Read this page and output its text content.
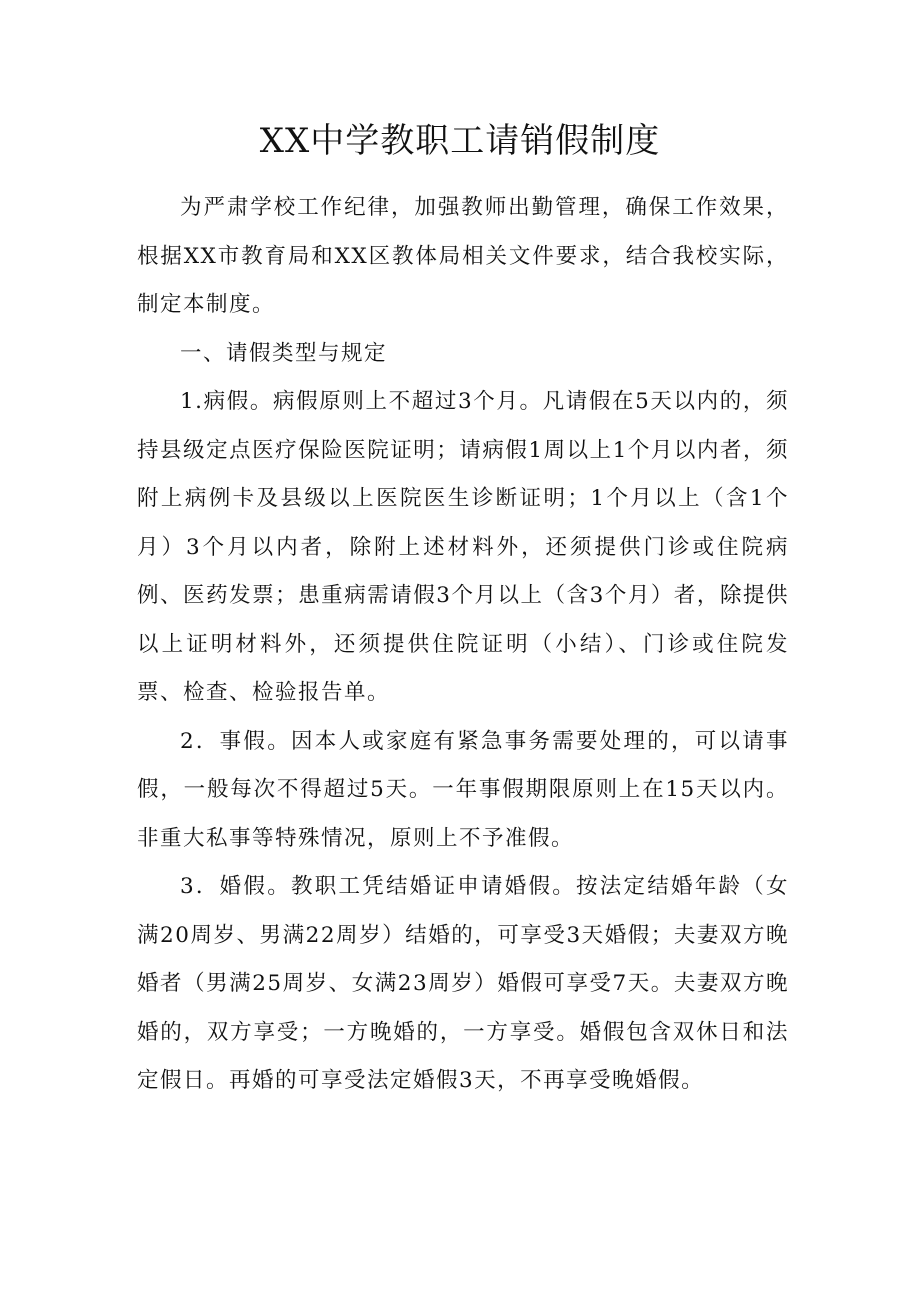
XX中学教职工请销假制度

为严肃学校工作纪律，加强教师出勤管理，确保工作效果，根据XX市教育局和XX区教体局相关文件要求，结合我校实际，制定本制度。

一、请假类型与规定

1.病假。病假原则上不超过3个月。凡请假在5天以内的，须持县级定点医疗保险医院证明；请病假1周以上1个月以内者，须附上病例卡及县级以上医院医生诊断证明；1个月以上（含1个月）3个月以内者，除附上述材料外，还须提供门诊或住院病例、医药发票；患重病需请假3个月以上（含3个月）者，除提供以上证明材料外，还须提供住院证明（小结）、门诊或住院发票、检查、检验报告单。

2．事假。因本人或家庭有紧急事务需要处理的，可以请事假，一般每次不得超过5天。一年事假期限原则上在15天以内。非重大私事等特殊情况，原则上不予准假。

3．婚假。教职工凭结婚证申请婚假。按法定结婚年龄（女满20周岁、男满22周岁）结婚的，可享受3天婚假；夫妻双方晚婚者（男满25周岁、女满23周岁）婚假可享受7天。夫妻双方晚婚的，双方享受；一方晚婚的，一方享受。婚假包含双休日和法定假日。再婚的可享受法定婚假3天，不再享受晚婚假。
